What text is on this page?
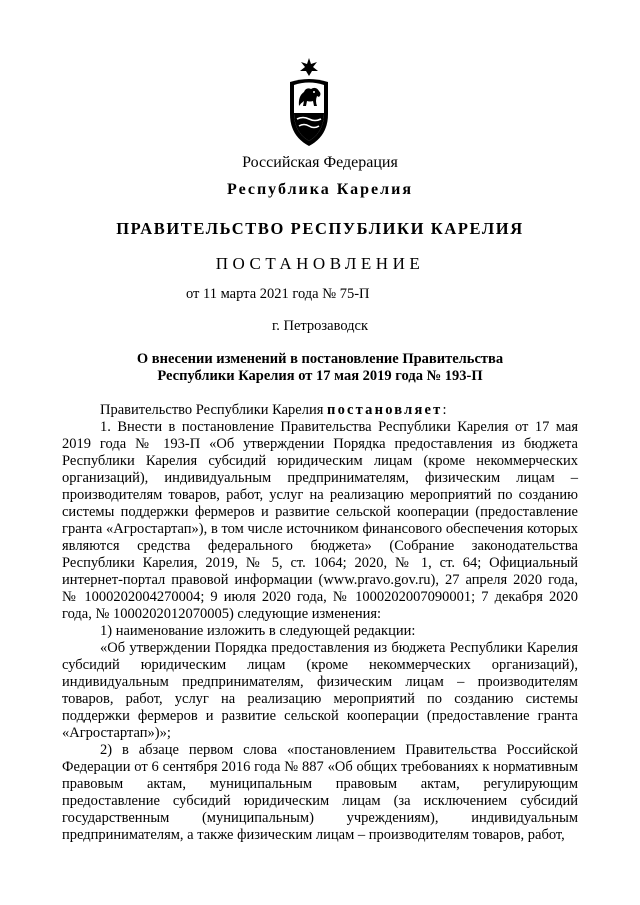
Российская Федерация
Республика Карелия
ПРАВИТЕЛЬСТВО РЕСПУБЛИКИ КАРЕЛИЯ
ПОСТАНОВЛЕНИЕ
от 11 марта 2021 года № 75-П
г. Петрозаводск
О внесении изменений в постановление Правительства
Республики Карелия от 17 мая 2019 года № 193-П

Правительство Республики Карелия постановляет:

1. Внести в постановление Правительства Республики Карелия от 17 мая 2019 года № 193-П «Об утверждении Порядка предоставления из бюджета Республики Карелия субсидий юридическим лицам (кроме некоммерческих организаций), индивидуальным предпринимателям, физическим лицам – производителям товаров, работ, услуг на реализацию мероприятий по созданию системы поддержки фермеров и развитие сельской кооперации (предоставление гранта «Агростартап»), в том числе источником финансового обеспечения которых являются средства федерального бюджета» (Собрание законодательства Республики Карелия, 2019, № 5, ст. 1064; 2020, № 1, ст. 64; Официальный интернет-портал правовой информации (www.pravo.gov.ru), 27 апреля 2020 года, № 1000202004270004; 9 июля 2020 года, № 1000202007090001; 7 декабря 2020 года, № 1000202012070005) следующие изменения:

1) наименование изложить в следующей редакции:

«Об утверждении Порядка предоставления из бюджета Республики Карелия субсидий юридическим лицам (кроме некоммерческих организаций), индивидуальным предпринимателям, физическим лицам – производителям товаров, работ, услуг на реализацию мероприятий по созданию системы поддержки фермеров и развитие сельской кооперации (предоставление гранта «Агростартап»)»;

2) в абзаце первом слова «постановлением Правительства Российской Федерации от 6 сентября 2016 года № 887 «Об общих требованиях к нормативным правовым актам, муниципальным правовым актам, регулирующим предоставление субсидий юридическим лицам (за исключением субсидий государственным (муниципальным) учреждениям), индивидуальным предпринимателям, а также физическим лицам – производителям товаров, работ,
